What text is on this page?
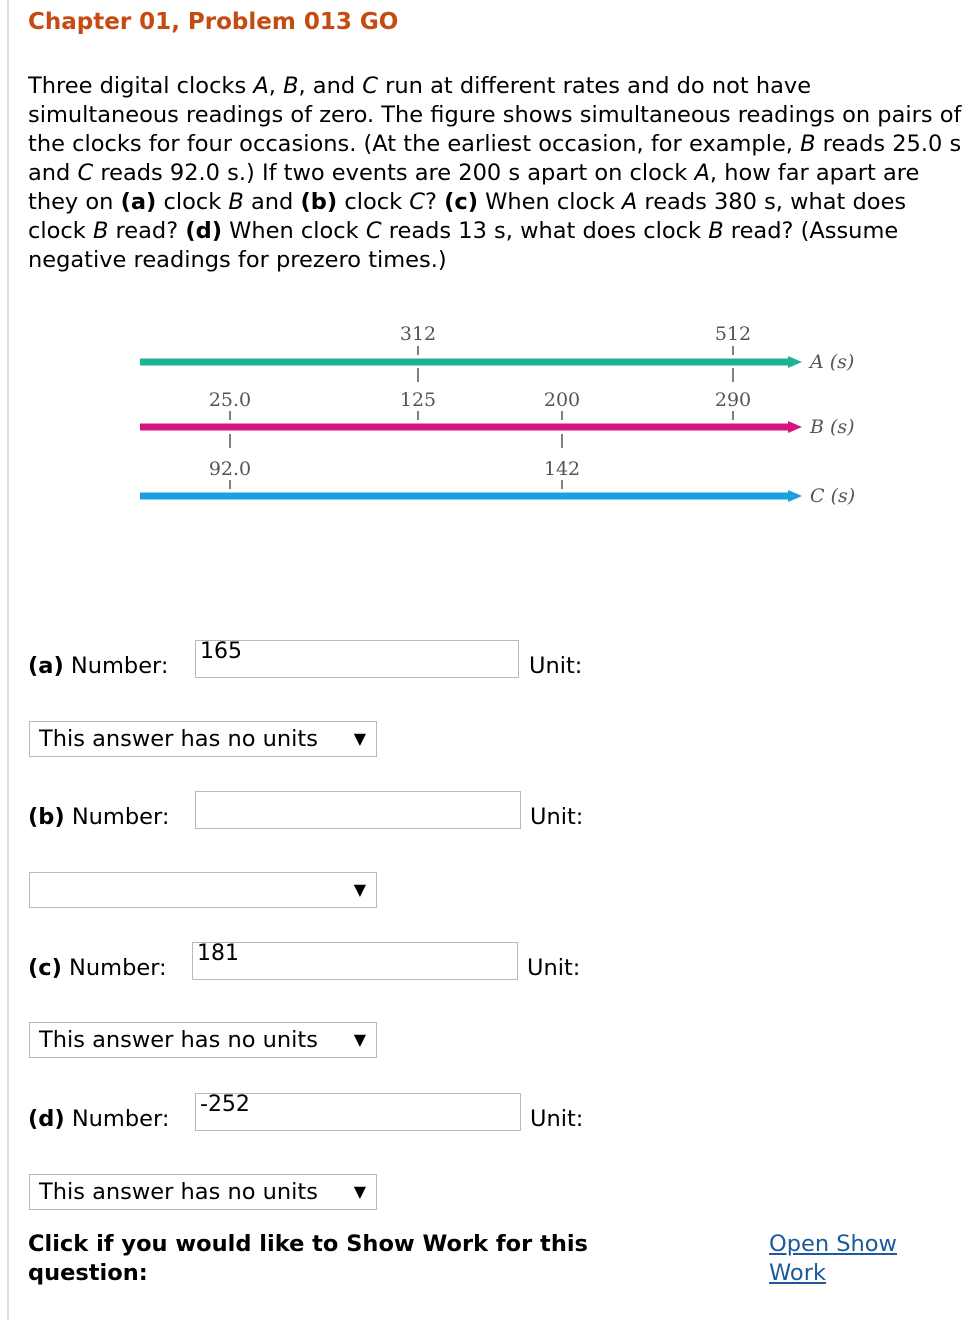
Chapter 01, Problem 013 GO

Three digital clocks A, B, and C run at different rates and do not have simultaneous readings of zero. The figure shows simultaneous readings on pairs of the clocks for four occasions. (At the earliest occasion, for example, B reads 25.0 s and C reads 92.0 s.) If two events are 200 s apart on clock A, how far apart are they on (a) clock B and (b) clock C? (c) When clock A reads 380 s, what does clock B read? (d) When clock C reads 13 s, what does clock B read? (Assume negative readings for prezero times.)

A (s)
312	512
B (s)
25.0	125	200	290
C (s)
92.0	142
(a) Number:
165
Unit:
This answer has no units ▼
(b) Number:	Unit:
▼
(c) Number:
181
Unit:
This answer has no units ▼
(d) Number:
-252
Unit:
This answer has no units ▼
Click if you would like to Show Work for this question:
Open Show Work
